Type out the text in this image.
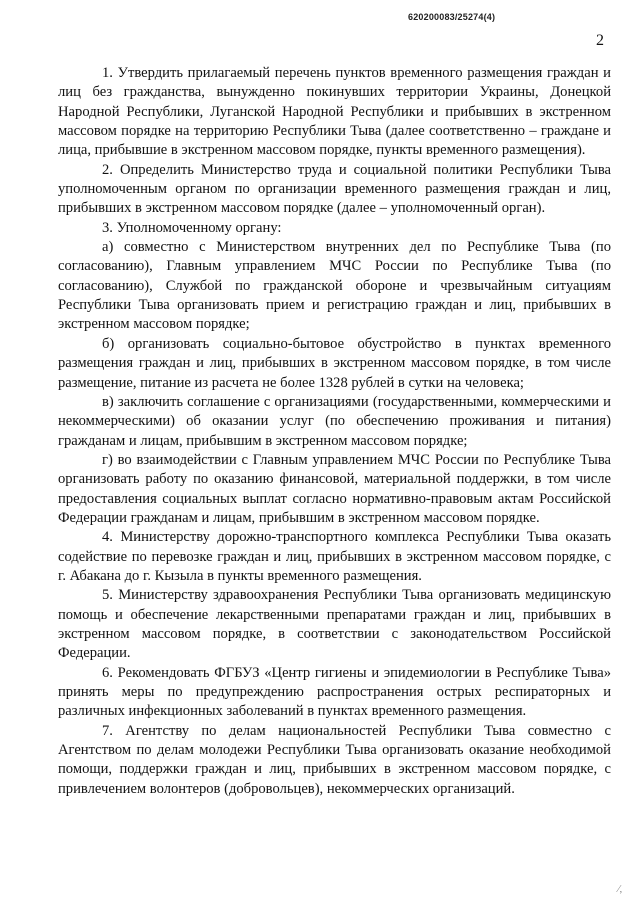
620200083/25274(4)
2

1. Утвердить прилагаемый перечень пунктов временного размещения граждан и лиц без гражданства, вынужденно покинувших территории Украины, Донецкой Народной Республики, Луганской Народной Республики и прибывших в экстренном массовом порядке на территорию Республики Тыва (далее соответственно – граждане и лица, прибывшие в экстренном массовом порядке, пункты временного размещения).

2. Определить Министерство труда и социальной политики Республики Тыва уполномоченным органом по организации временного размещения граждан и лиц, прибывших в экстренном массовом порядке (далее – уполномоченный орган).

3. Уполномоченному органу:

а) совместно с Министерством внутренних дел по Республике Тыва (по согласованию), Главным управлением МЧС России по Республике Тыва (по согласованию), Службой по гражданской обороне и чрезвычайным ситуациям Республики Тыва организовать прием и регистрацию граждан и лиц, прибывших в экстренном массовом порядке;

б) организовать социально-бытовое обустройство в пунктах временного размещения граждан и лиц, прибывших в экстренном массовом порядке, в том числе размещение, питание из расчета не более 1328 рублей в сутки на человека;

в) заключить соглашение с организациями (государственными, коммерческими и некоммерческими) об оказании услуг (по обеспечению проживания и питания) гражданам и лицам, прибывшим в экстренном массовом порядке;

г) во взаимодействии с Главным управлением МЧС России по Республике Тыва организовать работу по оказанию финансовой, материальной поддержки, в том числе предоставления социальных выплат согласно нормативно-правовым актам Российской Федерации гражданам и лицам, прибывшим в экстренном массовом порядке.

4. Министерству дорожно-транспортного комплекса Республики Тыва оказать содействие по перевозке граждан и лиц, прибывших в экстренном массовом порядке, с г. Абакана до г. Кызыла в пункты временного размещения.

5. Министерству здравоохранения Республики Тыва организовать медицинскую помощь и обеспечение лекарственными препаратами граждан и лиц, прибывших в экстренном массовом порядке, в соответствии с законодательством Российской Федерации.

6. Рекомендовать ФГБУЗ «Центр гигиены и эпидемиологии в Республике Тыва» принять меры по предупреждению распространения острых респираторных и различных инфекционных заболеваний в пунктах временного размещения.

7. Агентству по делам национальностей Республики Тыва совместно с Агентством по делам молодежи Республики Тыва организовать оказание необходимой помощи, поддержки граждан и лиц, прибывших в экстренном массовом порядке, с привлечением волонтеров (добровольцев), некоммерческих организаций.

⁄,
